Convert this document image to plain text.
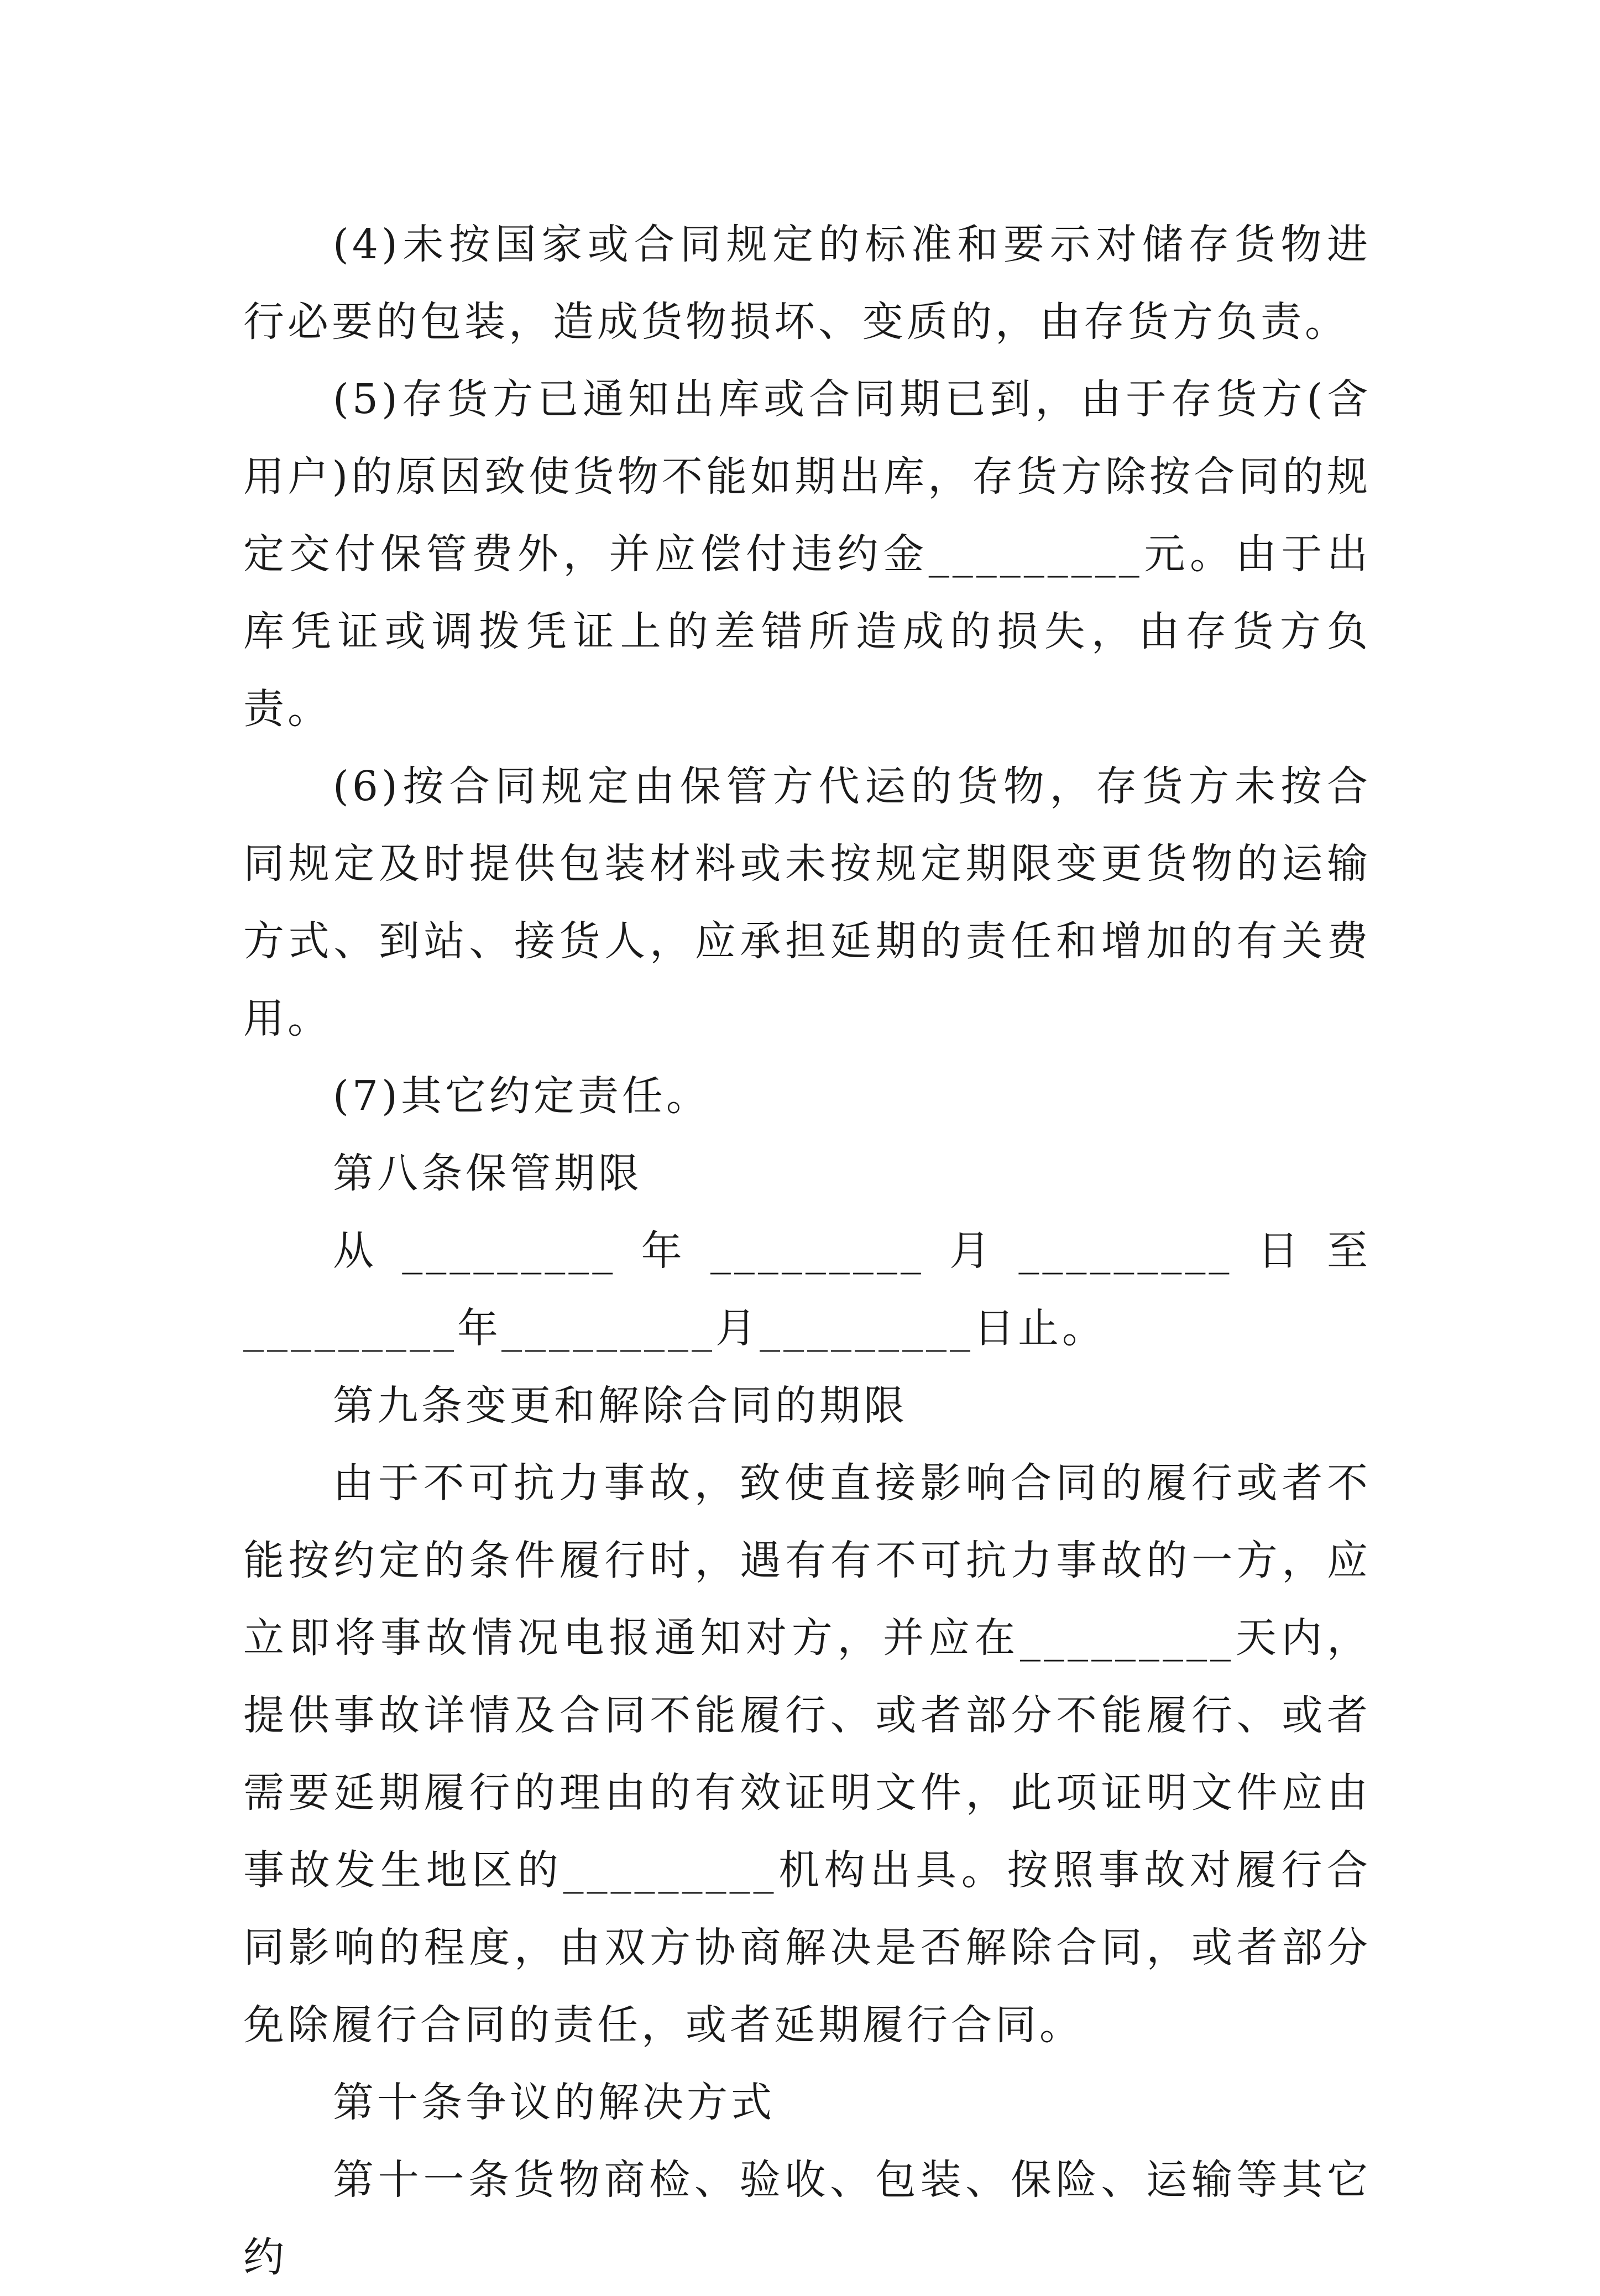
(4)未按国家或合同规定的标准和要示对储存货物进行必要的包装，造成货物损坏、变质的，由存货方负责。

(5)存货方已通知出库或合同期已到，由于存货方(含用户)的原因致使货物不能如期出库，存货方除按合同的规定交付保管费外，并应偿付违约金_________元。由于出库凭证或调拨凭证上的差错所造成的损失，由存货方负责。

(6)按合同规定由保管方代运的货物，存货方未按合同规定及时提供包装材料或未按规定期限变更货物的运输方式、到站、接货人，应承担延期的责任和增加的有关费用。

(7)其它约定责任。

第八条保管期限

从_________年_________月_________日至_________年_________月_________日止。

第九条变更和解除合同的期限

由于不可抗力事故，致使直接影响合同的履行或者不能按约定的条件履行时，遇有有不可抗力事故的一方，应立即将事故情况电报通知对方，并应在_________天内，提供事故详情及合同不能履行、或者部分不能履行、或者需要延期履行的理由的有效证明文件，此项证明文件应由事故发生地区的_________机构出具。按照事故对履行合同影响的程度，由双方协商解决是否解除合同，或者部分免除履行合同的责任，或者延期履行合同。

第十条争议的解决方式

第十一条货物商检、验收、包装、保险、运输等其它约
